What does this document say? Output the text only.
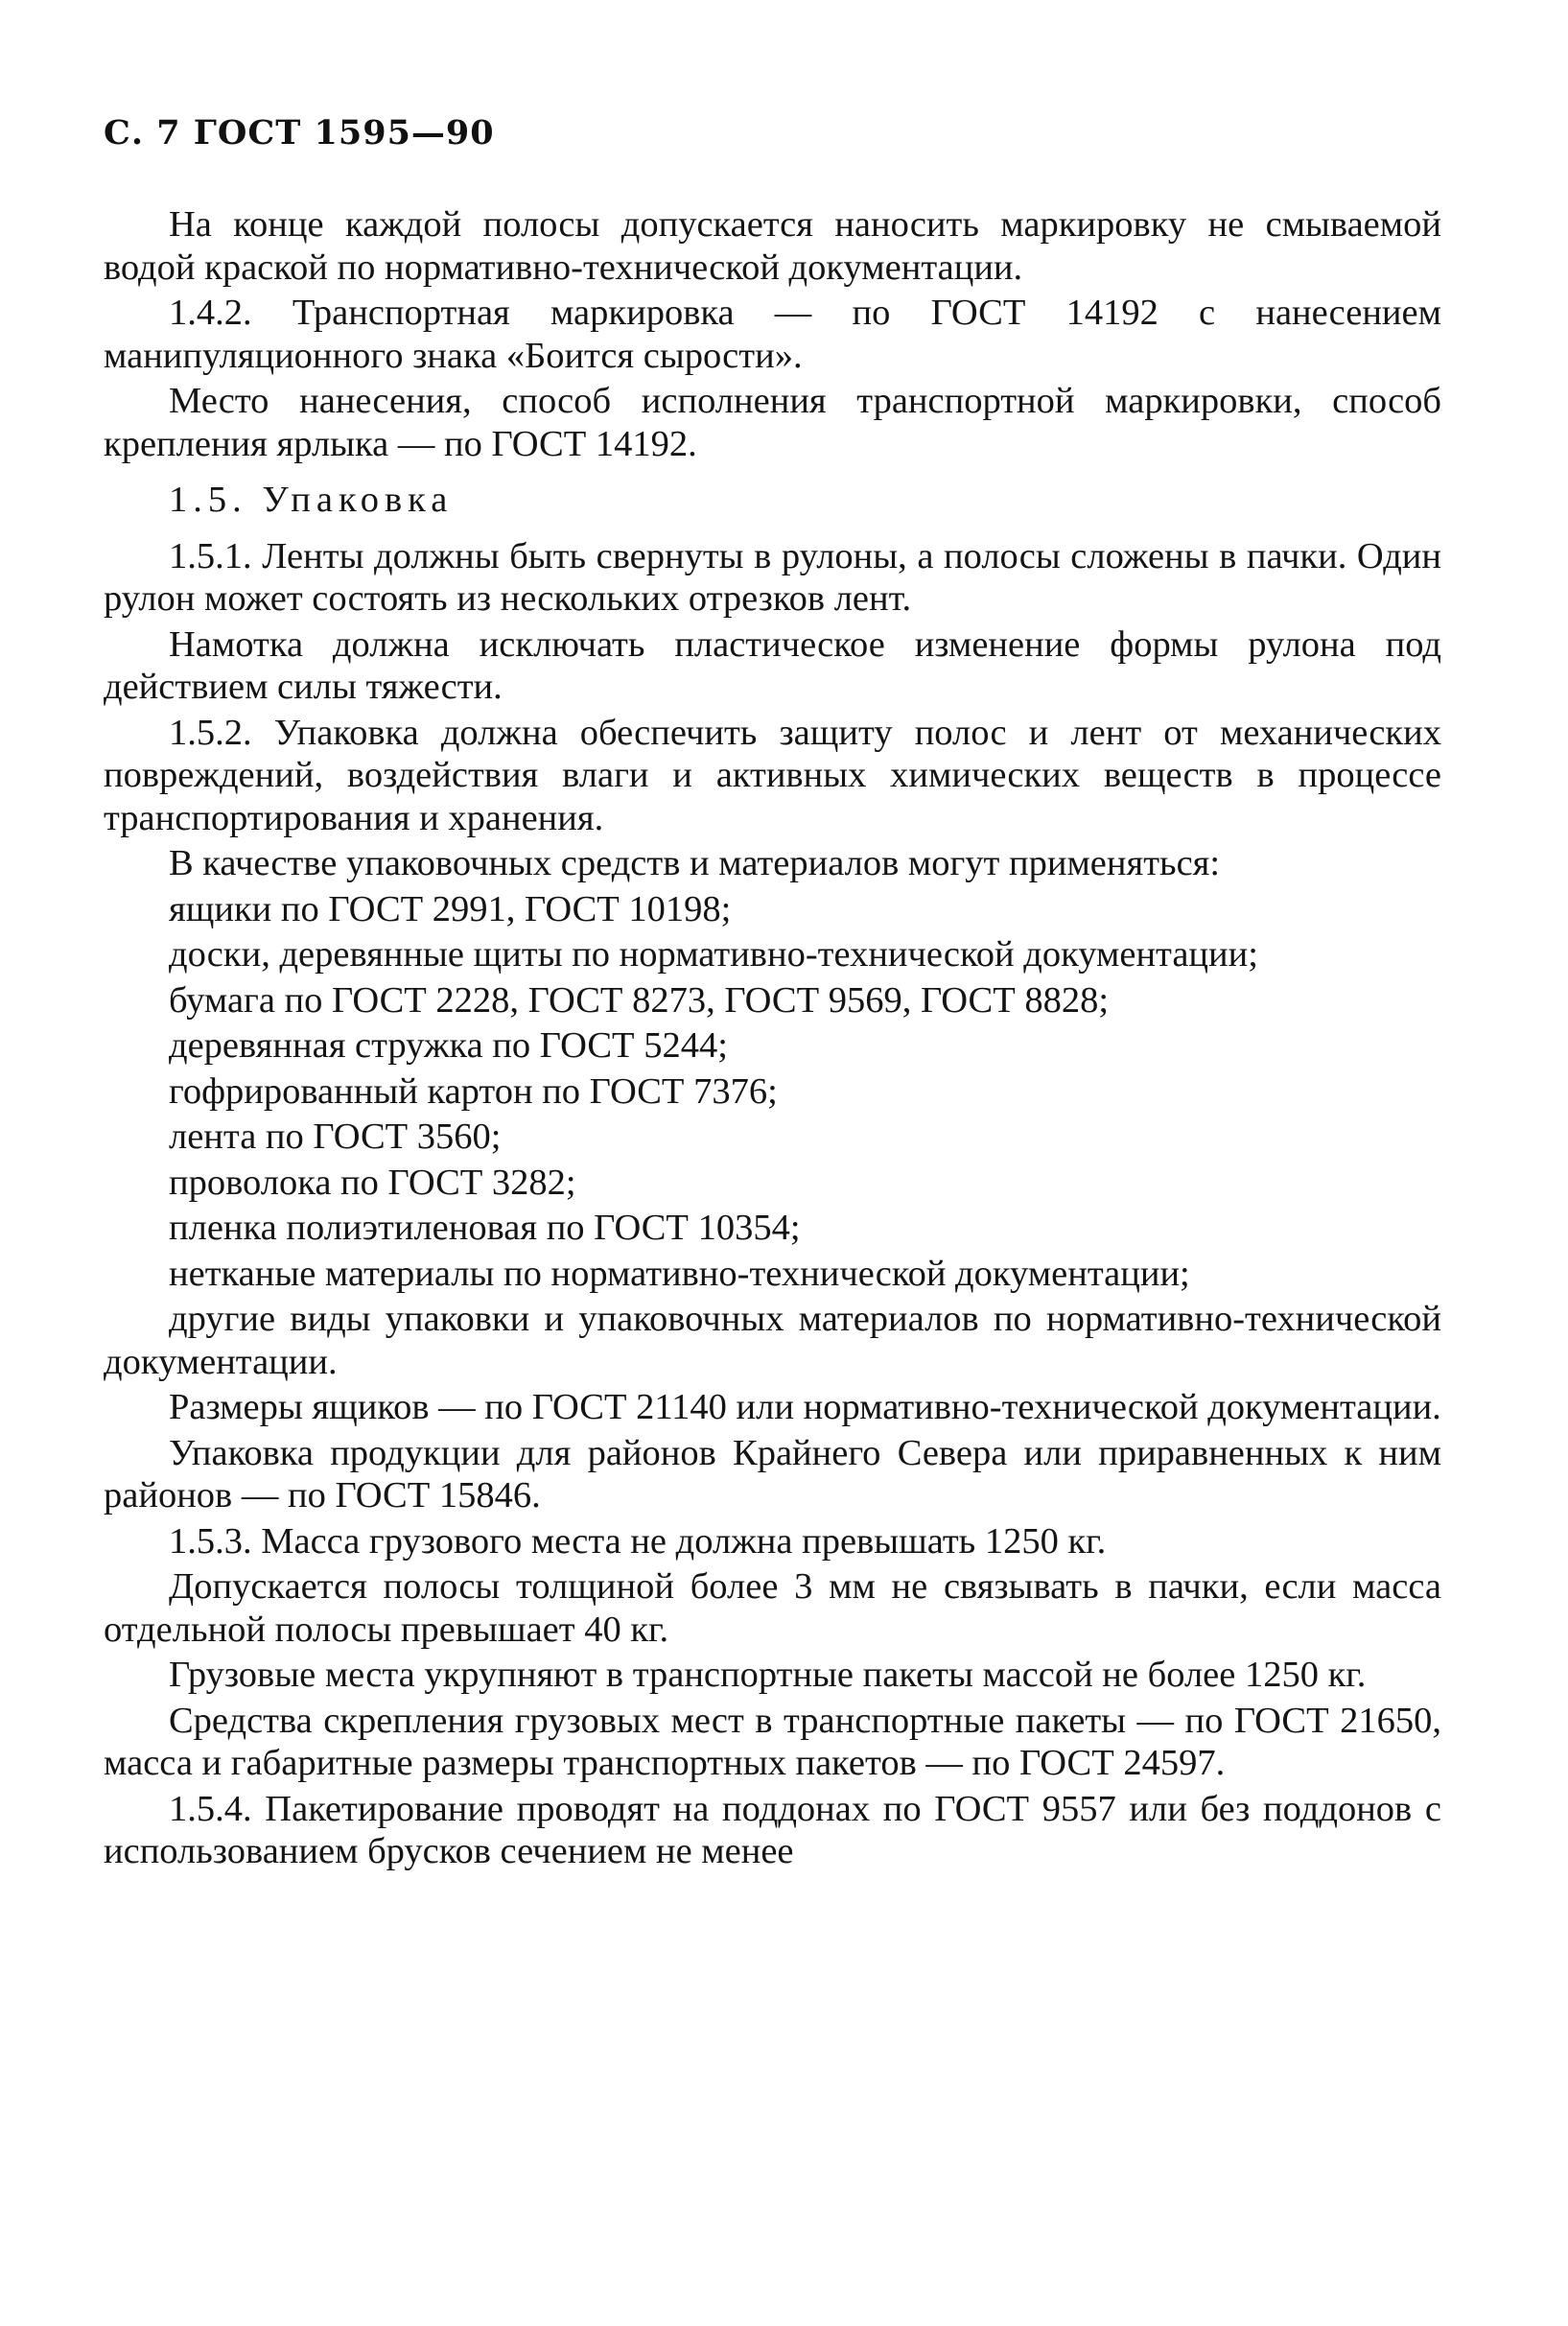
С. 7 ГОСТ 1595—90

На конце каждой полосы допускается наносить маркировку не смываемой водой краской по нормативно-технической документации.

1.4.2. Транспортная маркировка — по ГОСТ 14192 с нанесением манипуляционного знака «Боится сырости».

Место нанесения, способ исполнения транспортной маркировки, способ крепления ярлыка — по ГОСТ 14192.

1.5. Упаковка

1.5.1. Ленты должны быть свернуты в рулоны, а полосы сложены в пачки. Один рулон может состоять из нескольких отрезков лент.

Намотка должна исключать пластическое изменение формы рулона под действием силы тяжести.

1.5.2. Упаковка должна обеспечить защиту полос и лент от механических повреждений, воздействия влаги и активных химических веществ в процессе транспортирования и хранения.

В качестве упаковочных средств и материалов могут применяться:

ящики по ГОСТ 2991, ГОСТ 10198;

доски, деревянные щиты по нормативно-технической документации;

бумага по ГОСТ 2228, ГОСТ 8273, ГОСТ 9569, ГОСТ 8828;

деревянная стружка по ГОСТ 5244;

гофрированный картон по ГОСТ 7376;

лента по ГОСТ 3560;

проволока по ГОСТ 3282;

пленка полиэтиленовая по ГОСТ 10354;

нетканые материалы по нормативно-технической документации;

другие виды упаковки и упаковочных материалов по нормативно-технической документации.

Размеры ящиков — по ГОСТ 21140 или нормативно-технической документации.

Упаковка продукции для районов Крайнего Севера или приравненных к ним районов — по ГОСТ 15846.

1.5.3. Масса грузового места не должна превышать 1250 кг.

Допускается полосы толщиной более 3 мм не связывать в пачки, если масса отдельной полосы превышает 40 кг.

Грузовые места укрупняют в транспортные пакеты массой не более 1250 кг.

Средства скрепления грузовых мест в транспортные пакеты — по ГОСТ 21650, масса и габаритные размеры транспортных пакетов — по ГОСТ 24597.

1.5.4. Пакетирование проводят на поддонах по ГОСТ 9557 или без поддонов с использованием брусков сечением не менее
